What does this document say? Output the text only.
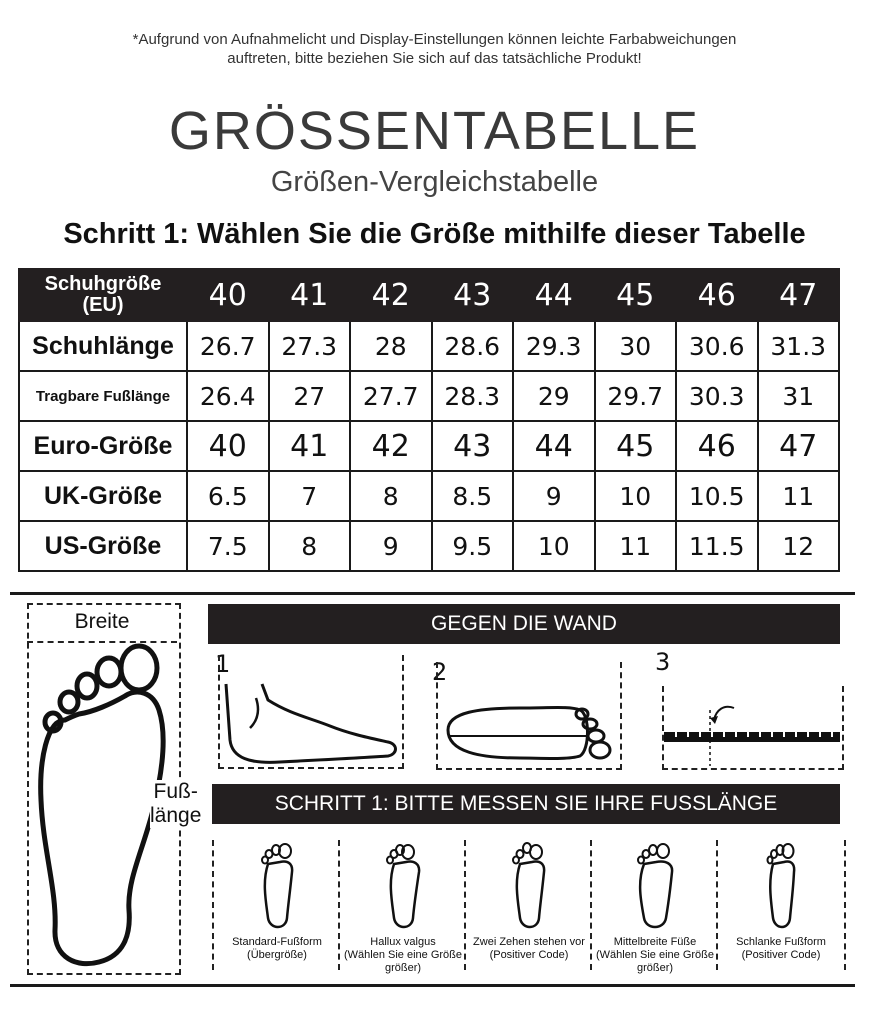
*Aufgrund von Aufnahmelicht und Display-Einstellungen können leichte Farbabweichungen
auftreten, bitte beziehen Sie sich auf das tatsächliche Produkt!
GRÖSSENTABELLE
Größen-Vergleichstabelle
Schritt 1: Wählen Sie die Größe mithilfe dieser Tabelle
Schuhgröße
(EU)	40	41	42	43	44	45	46	47
Schuhlänge	26.7	27.3	28	28.6	29.3	30	30.6	31.3
Tragbare Fußlänge	26.4	27	27.7	28.3	29	29.7	30.3	31
Euro-Größe	40	41	42	43	44	45	46	47
UK-Größe	6.5	7	8	8.5	9	10	10.5	11
US-Größe	7.5	8	9	9.5	10	11	11.5	12
Breite
Fuß-
länge
GEGEN DIE WAND
1	2	3
SCHRITT 1: BITTE MESSEN SIE IHRE FUSSLÄNGE
Standard-Fußform
(Übergröße)
Hallux valgus
(Wählen Sie eine Größe
größer)
Zwei Zehen stehen vor
(Positiver Code)
Mittelbreite Füße
(Wählen Sie eine Größe
größer)
Schlanke Fußform
(Positiver Code)
